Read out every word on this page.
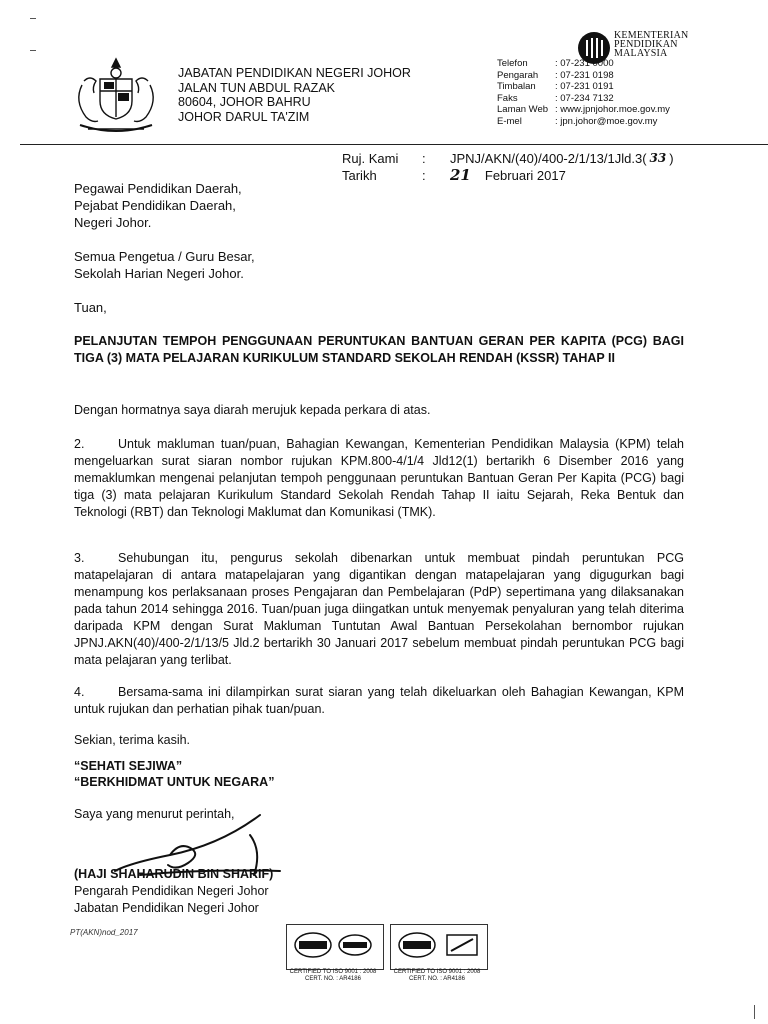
KEMENTERIAN
PENDIDIKAN
MALAYSIA
JABATAN PENDIDIKAN NEGERI JOHOR
JALAN TUN ABDUL RAZAK
80604, JOHOR BAHRU
JOHOR DARUL TA'ZIM
Telefon	: 07-231 0000
Pengarah	: 07-231 0198
Timbalan	: 07-231 0191
Faks	: 07-234 7132
Laman Web : www.jpnjohor.moe.gov.my
E-mel	: jpn.johor@moe.gov.my
Ruj. Kami	:	JPNJ/AKN/(40)/400-2/1/13/1Jld.3( 33 )
Tarikh	:	21 Februari 2017
Pegawai Pendidikan Daerah,
Pejabat Pendidikan Daerah,
Negeri Johor.
Semua Pengetua / Guru Besar,
Sekolah Harian Negeri Johor.
Tuan,
PELANJUTAN TEMPOH PENGGUNAAN PERUNTUKAN BANTUAN GERAN PER KAPITA (PCG) BAGI TIGA (3) MATA PELAJARAN KURIKULUM STANDARD SEKOLAH RENDAH (KSSR) TAHAP II
Dengan hormatnya saya diarah merujuk kepada perkara di atas.
2.	Untuk makluman tuan/puan, Bahagian Kewangan, Kementerian Pendidikan Malaysia (KPM) telah mengeluarkan surat siaran nombor rujukan KPM.800-4/1/4 Jld12(1) bertarikh 6 Disember 2016 yang memaklumkan mengenai pelanjutan tempoh penggunaan peruntukan Bantuan Geran Per Kapita (PCG) bagi tiga (3) mata pelajaran Kurikulum Standard Sekolah Rendah Tahap II iaitu Sejarah, Reka Bentuk dan Teknologi (RBT) dan Teknologi Maklumat dan Komunikasi (TMK).
3.	Sehubungan itu, pengurus sekolah dibenarkan untuk membuat pindah peruntukan PCG matapelajaran di antara matapelajaran yang digantikan dengan matapelajaran yang digugurkan bagi menampung kos perlaksanaan proses Pengajaran dan Pembelajaran (PdP) sepertimana yang dilaksanakan pada tahun 2014 sehingga 2016. Tuan/puan juga diingatkan untuk menyemak penyaluran yang telah diterima daripada KPM dengan Surat Makluman Tuntutan Awal Bantuan Persekolahan bernombor rujukan JPNJ.AKN(40)/400-2/1/13/5 Jld.2 bertarikh 30 Januari 2017 sebelum membuat pindah peruntukan PCG bagi mata pelajaran yang terlibat.
4.	Bersama-sama ini dilampirkan surat siaran yang telah dikeluarkan oleh Bahagian Kewangan, KPM untuk rujukan dan perhatian pihak tuan/puan.
Sekian, terima kasih.
“SEHATI SEJIWA”
“BERKHIDMAT UNTUK NEGARA”
Saya yang menurut perintah,
(HAJI SHAHARUDIN BIN SHARIF)
Pengarah Pendidikan Negeri Johor
Jabatan Pendidikan Negeri Johor
PT(AKN)nod_2017
CERTIFIED TO ISO 9001 : 2008
CERT. NO. : AR4186
CERTIFIED TO ISO 9001 : 2008
CERT. NO. : AR4186
